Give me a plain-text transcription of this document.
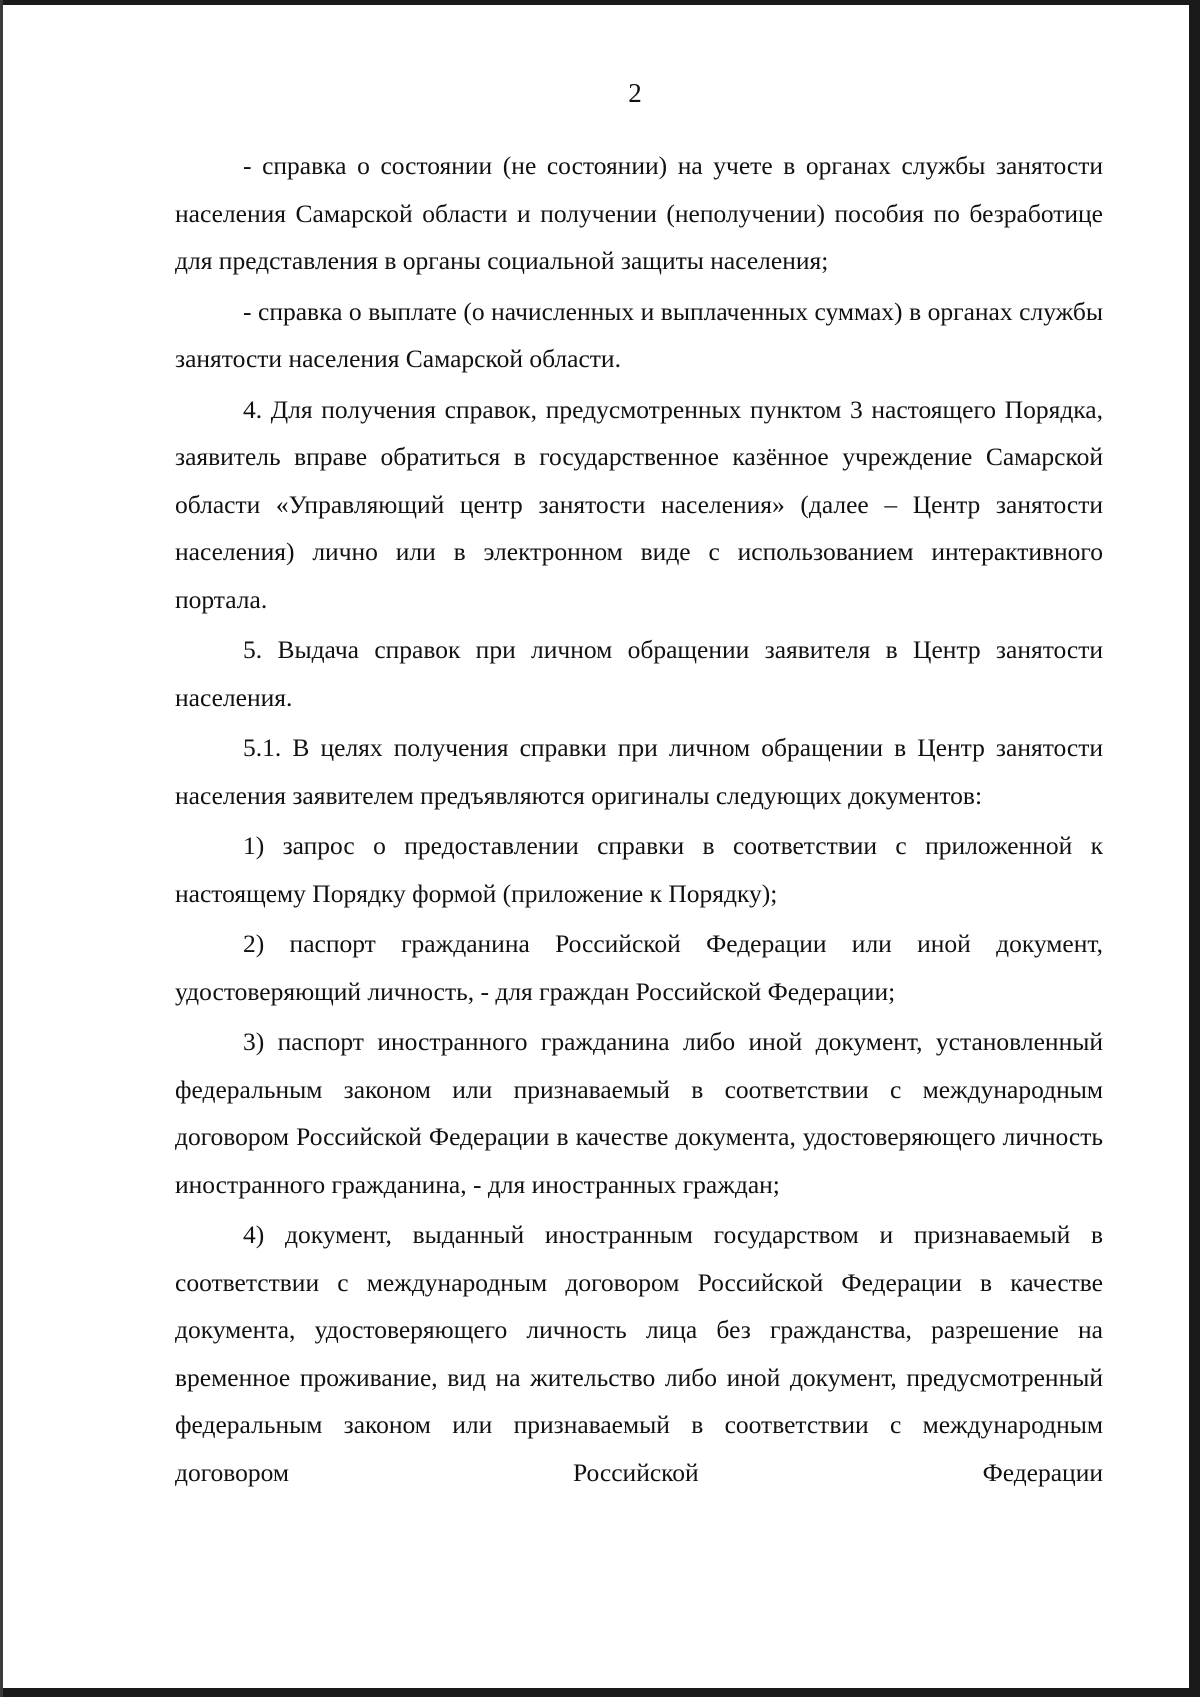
2

- справка о состоянии (не состоянии) на учете в органах службы занятости населения Самарской области и получении (неполучении) пособия по безработице для представления в органы социальной защиты населения;

- справка о выплате (о начисленных и выплаченных суммах) в органах службы занятости населения Самарской области.

4. Для получения справок, предусмотренных пунктом 3 настоящего Порядка, заявитель вправе обратиться в государственное казённое учреждение Самарской области «Управляющий центр занятости населения» (далее – Центр занятости населения) лично или в электронном виде с использованием интерактивного портала.

5. Выдача справок при личном обращении заявителя в Центр занятости населения.

5.1. В целях получения справки при личном обращении в Центр занятости населения заявителем предъявляются оригиналы следующих документов:

1) запрос о предоставлении справки в соответствии с приложенной к настоящему Порядку формой (приложение к Порядку);

2) паспорт гражданина Российской Федерации или иной документ, удостоверяющий личность, - для граждан Российской Федерации;

3) паспорт иностранного гражданина либо иной документ, установленный федеральным законом или признаваемый в соответствии с международным договором Российской Федерации в качестве документа, удостоверяющего личность иностранного гражданина, - для иностранных граждан;

4) документ, выданный иностранным государством и признаваемый в соответствии с международным договором Российской Федерации в качестве документа, удостоверяющего личность лица без гражданства, разрешение на временное проживание, вид на жительство либо иной документ, предусмотренный федеральным законом или признаваемый в соответствии с международным договором Российской Федерации
